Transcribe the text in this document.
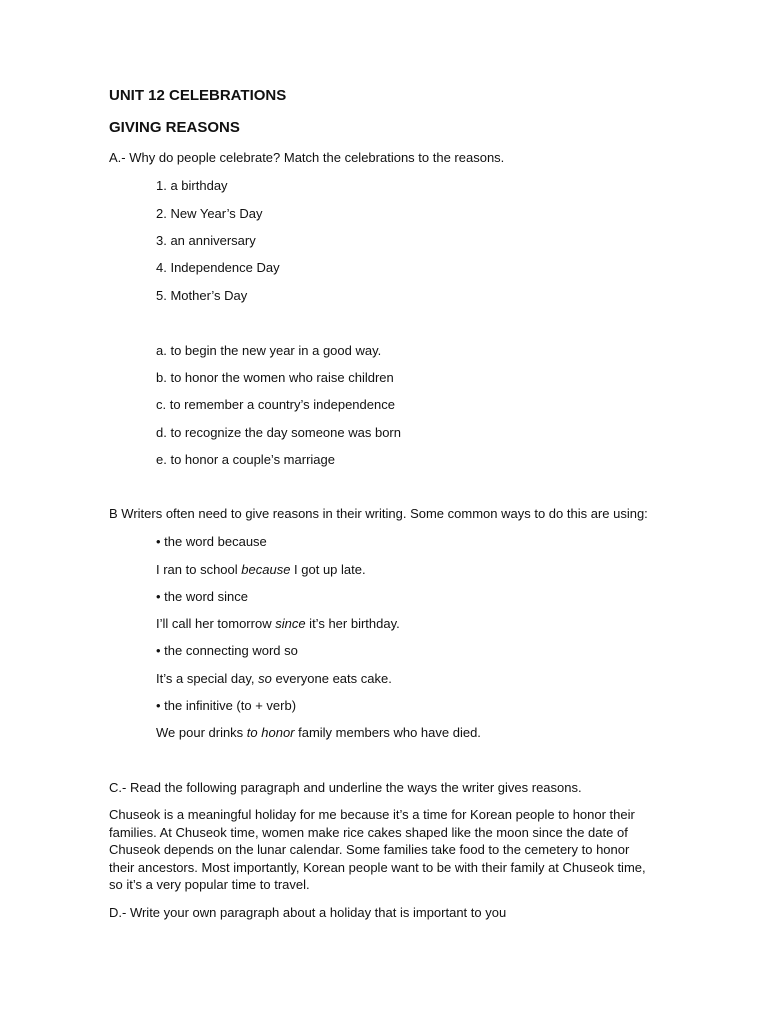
UNIT 12 CELEBRATIONS
GIVING REASONS
A.- Why do people celebrate? Match the celebrations to the reasons.
1. a birthday
2. New Year’s Day
3. an anniversary
4. Independence Day
5. Mother’s Day
a. to begin the new year in a good way.
b. to honor the women who raise children
c. to remember a country’s independence
d. to recognize the day someone was born
e. to honor a couple’s marriage
B Writers often need to give reasons in their writing. Some common ways to do this are using:
• the word because
I ran to school because I got up late.
• the word since
I’ll call her tomorrow since it’s her birthday.
• the connecting word so
It’s a special day, so everyone eats cake.
• the infinitive (to + verb)
We pour drinks to honor family members who have died.
C.- Read the following paragraph and underline the ways the writer gives reasons.
Chuseok is a meaningful holiday for me because it’s a time for Korean people to honor their families. At Chuseok time, women make rice cakes shaped like the moon since the date of Chuseok depends on the lunar calendar. Some families take food to the cemetery to honor their ancestors. Most importantly, Korean people want to be with their family at Chuseok time, so it’s a very popular time to travel.
D.- Write your own paragraph about a holiday that is important to you
